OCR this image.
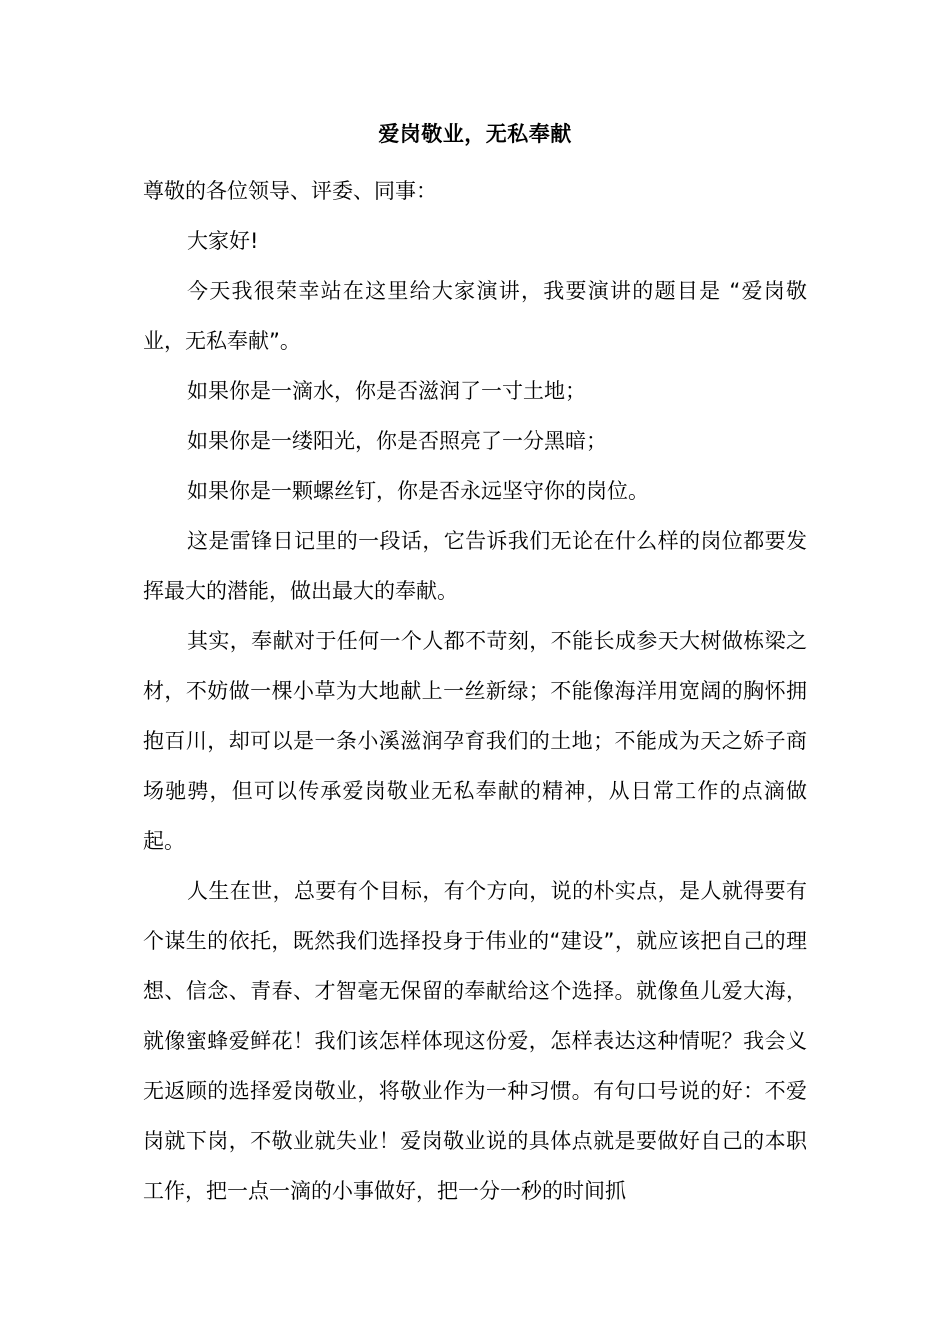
爱岗敬业，无私奉献

尊敬的各位领导、评委、同事：

大家好!

今天我很荣幸站在这里给大家演讲，我要演讲的题目是 “爱岗敬业，无私奉献”。

如果你是一滴水，你是否滋润了一寸土地；

如果你是一缕阳光，你是否照亮了一分黑暗；

如果你是一颗螺丝钉，你是否永远坚守你的岗位。

这是雷锋日记里的一段话，它告诉我们无论在什么样的岗位都要发挥最大的潜能，做出最大的奉献。

其实，奉献对于任何一个人都不苛刻，不能长成参天大树做栋梁之材，不妨做一棵小草为大地献上一丝新绿；不能像海洋用宽阔的胸怀拥抱百川，却可以是一条小溪滋润孕育我们的土地；不能成为天之娇子商场驰骋，但可以传承爱岗敬业无私奉献的精神，从日常工作的点滴做起。

人生在世，总要有个目标，有个方向，说的朴实点，是人就得要有个谋生的依托，既然我们选择投身于伟业的“建设”，就应该把自己的理想、信念、青春、才智毫无保留的奉献给这个选择。就像鱼儿爱大海，就像蜜蜂爱鲜花！我们该怎样体现这份爱，怎样表达这种情呢？我会义无返顾的选择爱岗敬业，将敬业作为一种习惯。有句口号说的好：不爱岗就下岗，不敬业就失业！爱岗敬业说的具体点就是要做好自己的本职工作，把一点一滴的小事做好，把一分一秒的时间抓
